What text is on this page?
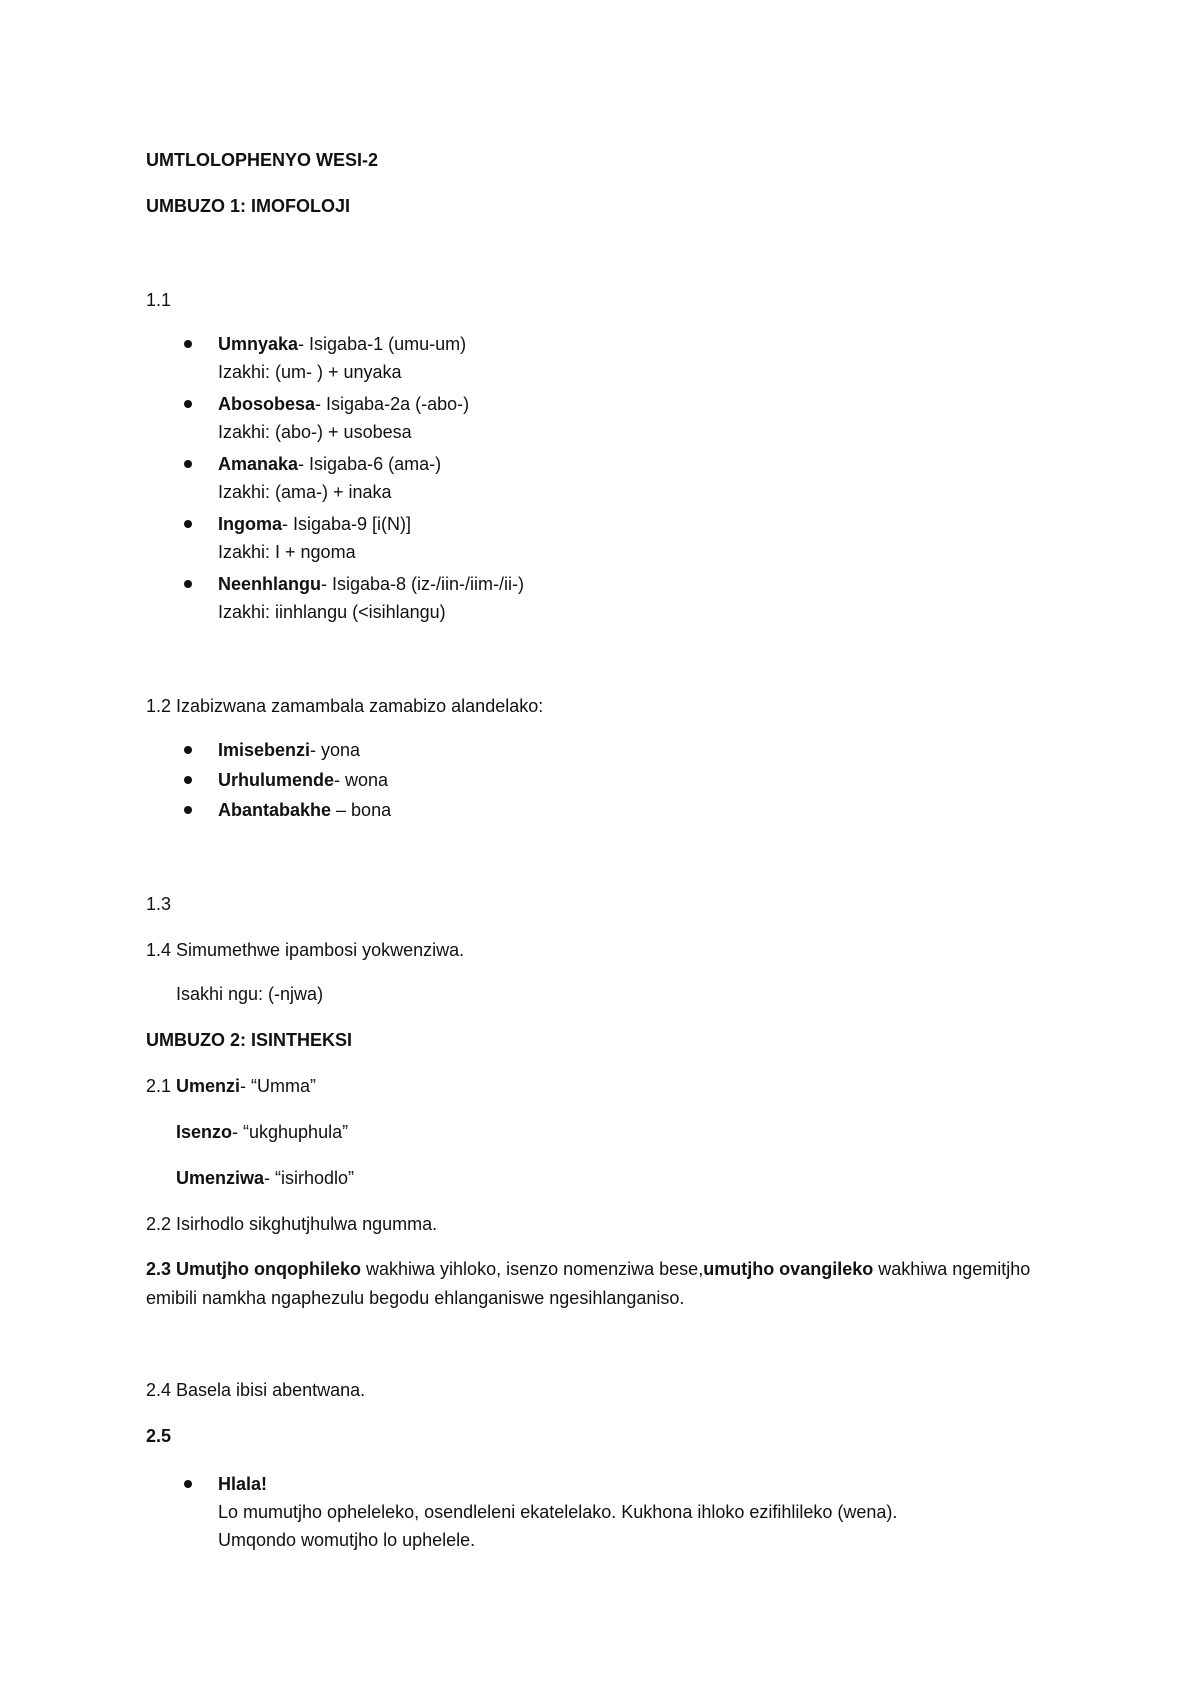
UMTLOLOPHENYO WESI-2
UMBUZO 1: IMOFOLOJI
1.1
Umnyaka- Isigaba-1 (umu-um)
Izakhi: (um- ) + unyaka
Abosobesa- Isigaba-2a (-abo-)
Izakhi: (abo-) + usobesa
Amanaka- Isigaba-6 (ama-)
Izakhi: (ama-) + inaka
Ingoma- Isigaba-9 [i(N)]
Izakhi: I + ngoma
Neenhlangu- Isigaba-8 (iz-/iin-/iim-/ii-)
Izakhi: iinhlangu (<isihlangu)
1.2 Izabizwana zamambala zamabizo alandelako:
Imisebenzi- yona
Urhulumende- wona
Abantabakhe – bona
1.3
1.4 Simumethwe ipambosi yokwenziwa.
Isakhi ngu: (-njwa)
UMBUZO 2: ISINTHEKSI
2.1 Umenzi- “Umma”
Isenzo- “ukghuphula”
Umenziwa- “isirhodlo”
2.2 Isirhodlo sikghutjhulwa ngumma.
2.3 Umutjho onqophileko wakhiwa yihloko, isenzo nomenziwa bese,umutjho ovangileko wakhiwa ngemitjho emibili namkha ngaphezulu begodu ehlanganiswe ngesihlanganiso.
2.4 Basela ibisi abentwana.
2.5
Hlala!
Lo mumutjho opheleleko, osendleleni ekatelelako. Kukhona ihloko ezifihlileko (wena).
Umqondo womutjho lo uphelele.
